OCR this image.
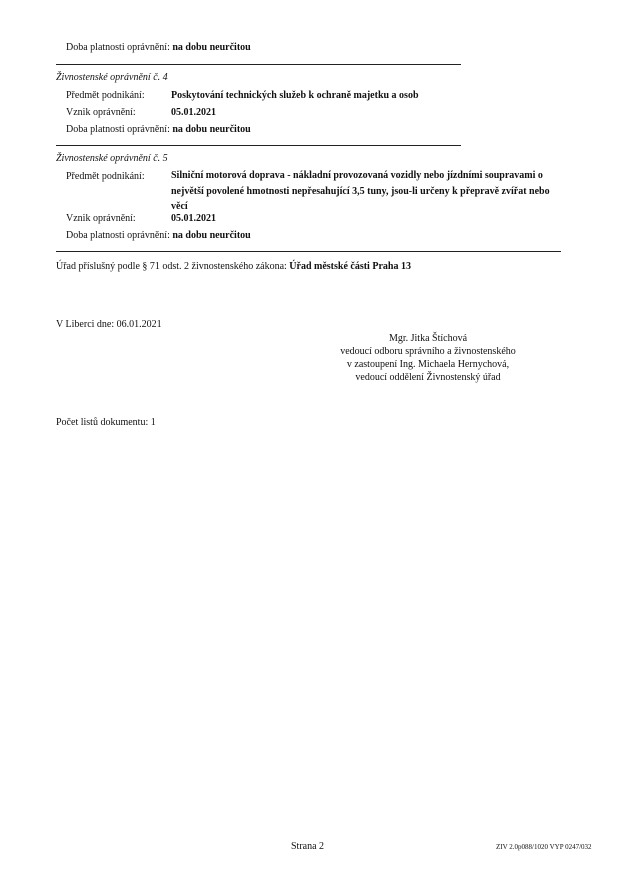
Doba platnosti oprávnění: na dobu neurčitou
Živnostenské oprávnění č. 4
Předmět podnikání:	Poskytování technických služeb k ochraně majetku a osob
Vznik oprávnění:	05.01.2021
Doba platnosti oprávnění: na dobu neurčitou
Živnostenské oprávnění č. 5
Předmět podnikání:	Silniční motorová doprava - nákladní provozovaná vozidly nebo jízdními soupravami o největší povolené hmotnosti nepřesahující 3,5 tuny, jsou-li určeny k přepravě zvířat nebo věcí
Vznik oprávnění:	05.01.2021
Doba platnosti oprávnění: na dobu neurčitou
Úřad příslušný podle § 71 odst. 2 živnostenského zákona: Úřad městské části Praha 13
V Liberci dne: 06.01.2021
Mgr. Jitka Štíchová
vedoucí odboru správního a živnostenského
v zastoupení Ing. Michaela Hernychová,
vedoucí oddělení Živnostenský úřad
Počet listů dokumentu: 1
Strana 2	ZIV 2.0p088/1020 VYP 0247/032
